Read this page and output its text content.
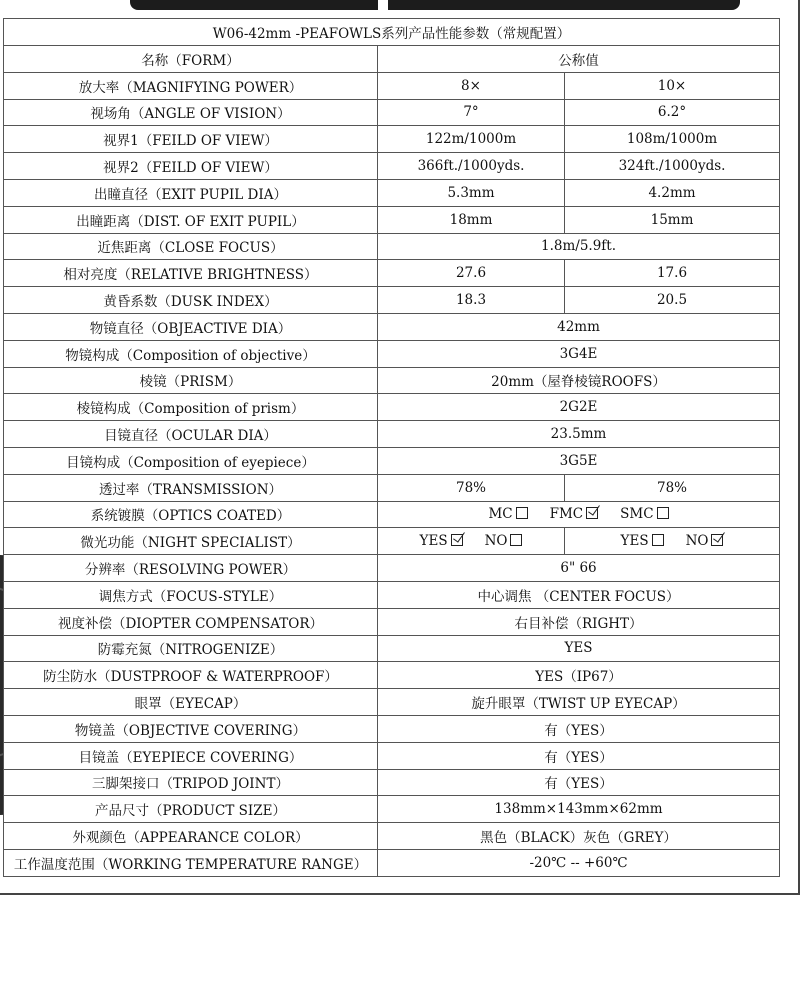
W06-42mm -PEAFOWLS系列产品性能参数（常规配置）		
名称（FORM）	公称值	
放大率（MAGNIFYING POWER）	8×	10×
视场角（ANGLE OF VISION）	7°	6.2°
视界1（FEILD OF VIEW）	122m/1000m	108m/1000m
视界2（FEILD OF VIEW）	366ft./1000yds.	324ft./1000yds.
出瞳直径（EXIT PUPIL DIA）	5.3mm	4.2mm
出瞳距离（DIST. OF EXIT PUPIL）	18mm	15mm
近焦距离（CLOSE FOCUS）	1.8m/5.9ft.	
相对亮度（RELATIVE BRIGHTNESS）	27.6	17.6
黄昏系数（DUSK INDEX）	18.3	20.5
物镜直径（OBJEACTIVE DIA）	42mm	
物镜构成（Composition of objective）	3G4E	
棱镜（PRISM）	20mm（屋脊棱镜ROOFS）	
棱镜构成（Composition of prism）	2G2E	
目镜直径（OCULAR DIA）	23.5mm	
目镜构成（Composition of eyepiece）	3G5E	
透过率（TRANSMISSION）	78%	78%
系统镀膜（OPTICS COATED）	MC FMC SMC	
微光功能（NIGHT SPECIALIST）	YES NO	YES NO
分辨率（RESOLVING POWER）	6" 66	
调焦方式（FOCUS-STYLE）	中心调焦 （CENTER FOCUS）	
视度补偿（DIOPTER COMPENSATOR）	右目补偿（RIGHT）	
防霉充氮（NITROGENIZE）	YES	
防尘防水（DUSTPROOF & WATERPROOF）	YES（IP67）	
眼罩（EYECAP）	旋升眼罩（TWIST UP EYECAP）	
物镜盖（OBJECTIVE COVERING）	有（YES）	
目镜盖（EYEPIECE COVERING）	有（YES）	
三脚架接口（TRIPOD JOINT）	有（YES）	
产品尺寸（PRODUCT SIZE）	138mm×143mm×62mm	
外观颜色（APPEARANCE COLOR）	黑色（BLACK）灰色（GREY）	
工作温度范围（WORKING TEMPERATURE RANGE）	-20℃ -- +60℃	
